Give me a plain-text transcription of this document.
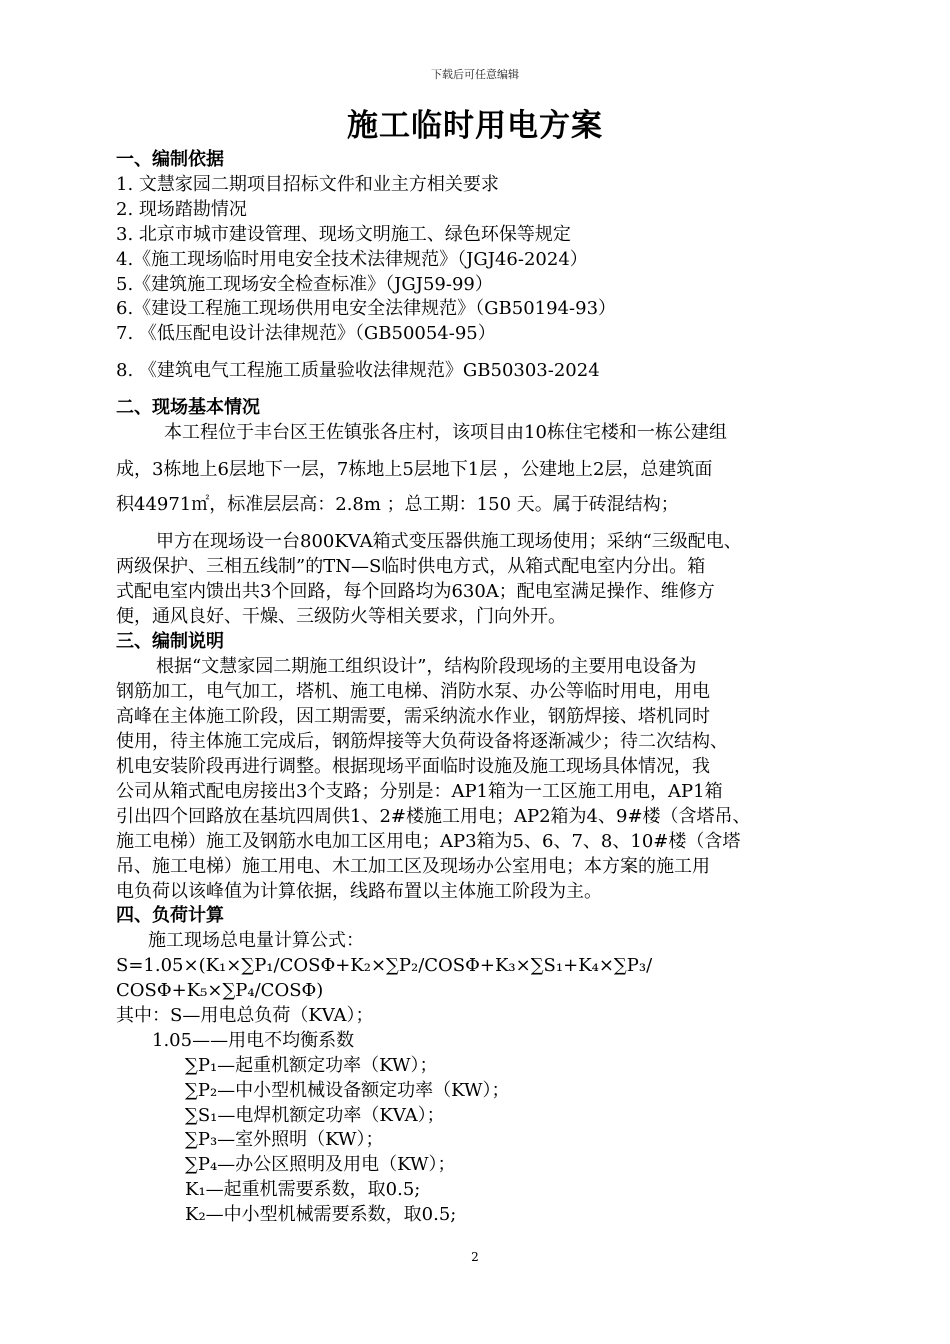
下载后可任意编辑
施工临时用电方案
一、编制依据
1. 文慧家园二期项目招标文件和业主方相关要求
2. 现场踏勘情况
3. 北京市城市建设管理、现场文明施工、绿色环保等规定
4.《施工现场临时用电安全技术法律规范》（JGJ46-2024）
5.《建筑施工现场安全检查标准》（JGJ59-99）
6.《建设工程施工现场供用电安全法律规范》（GB50194-93）
7. 《低压配电设计法律规范》（GB50054-95）
8. 《建筑电气工程施工质量验收法律规范》GB50303-2024
二、现场基本情况
本工程位于丰台区王佐镇张各庄村，该项目由10栋住宅楼和一栋公建组
成，3栋地上6层地下一层，7栋地上5层地下1层 ，公建地上2层，总建筑面
积44971㎡，标准层层高：2.8m ；总工期：150 天。属于砖混结构；
甲方在现场设一台800KVA箱式变压器供施工现场使用；采纳“三级配电、
两级保护、三相五线制”的TN—S临时供电方式，从箱式配电室内分出。箱
式配电室内馈出共3个回路，每个回路均为630A；配电室满足操作、维修方
便，通风良好、干燥、三级防火等相关要求，门向外开。
三、编制说明
根据“文慧家园二期施工组织设计”，结构阶段现场的主要用电设备为
钢筋加工，电气加工，塔机、施工电梯、消防水泵、办公等临时用电，用电
高峰在主体施工阶段，因工期需要，需采纳流水作业，钢筋焊接、塔机同时
使用，待主体施工完成后，钢筋焊接等大负荷设备将逐渐减少；待二次结构、
机电安装阶段再进行调整。根据现场平面临时设施及施工现场具体情况，我
公司从箱式配电房接出3个支路；分别是：AP1箱为一工区施工用电，AP1箱
引出四个回路放在基坑四周供1、2#楼施工用电；AP2箱为4、9#楼（含塔吊、
施工电梯）施工及钢筋水电加工区用电；AP3箱为5、6、7、8、10#楼（含塔
吊、施工电梯）施工用电、木工加工区及现场办公室用电；本方案的施工用
电负荷以该峰值为计算依据，线路布置以主体施工阶段为主。
四、负荷计算
施工现场总电量计算公式：
S=1.05×(K₁×∑P₁/COSΦ+K₂×∑P₂/COSΦ+K₃×∑S₁+K₄×∑P₃/
COSΦ+K₅×∑P₄/COSΦ)
其中：S—用电总负荷（KVA）；
1.05——用电不均衡系数
∑P₁—起重机额定功率（KW）；
∑P₂—中小型机械设备额定功率（KW）；
∑S₁—电焊机额定功率（KVA）；
∑P₃—室外照明（KW）；
∑P₄—办公区照明及用电（KW）；
K₁—起重机需要系数，取0.5;
K₂—中小型机械需要系数，取0.5;
2
